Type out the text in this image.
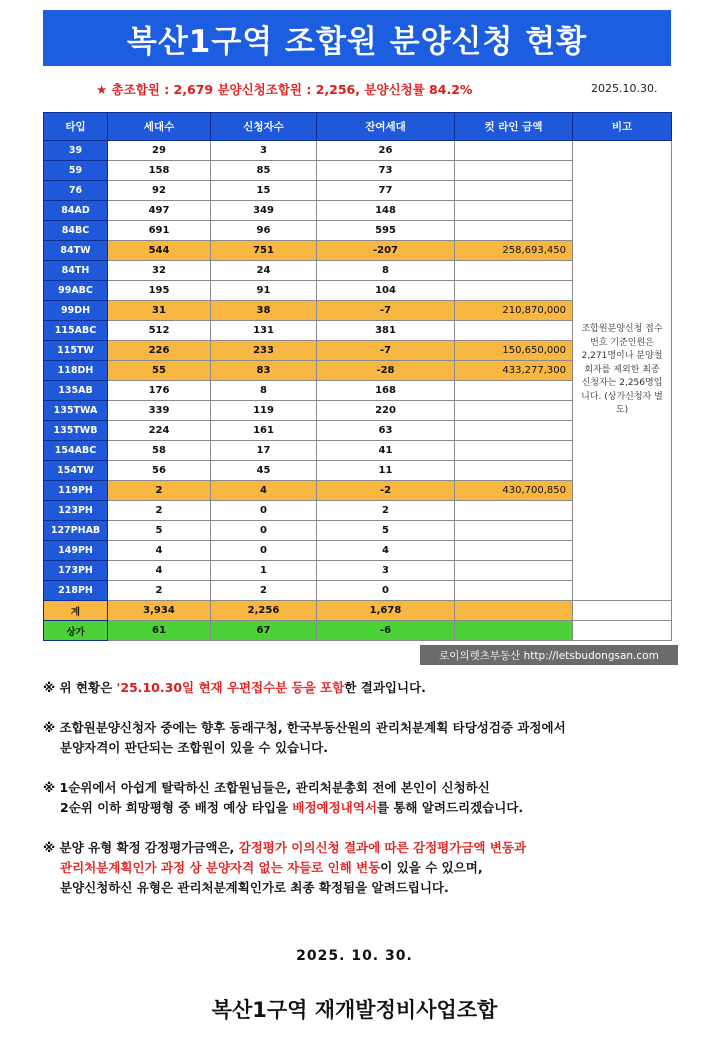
복산1구역 조합원 분양신청 현황
★ 총조합원 : 2,679 분양신청조합원 : 2,256, 분양신청률 84.2%	2025.10.30.
타입	세대수	신청자수	잔여세대	컷 라인 금액	비고
39	29	3	26		조합원분양신청 접수번호 기준인원은 2,271명이나 분양철회자를 제외한 최종 신청자는 2,256명입니다. (상가신청자 별도)
59	158	85	73		
76	92	15	77		
84AD	497	349	148		
84BC	691	96	595		
84TW	544	751	-207	258,693,450	
84TH	32	24	8		
99ABC	195	91	104		
99DH	31	38	-7	210,870,000	
115ABC	512	131	381		
115TW	226	233	-7	150,650,000	
118DH	55	83	-28	433,277,300	
135AB	176	8	168		
135TWA	339	119	220		
135TWB	224	161	63		
154ABC	58	17	41		
154TW	56	45	11		
119PH	2	4	-2	430,700,850	
123PH	2	0	2		
127PHAB	5	0	5		
149PH	4	0	4		
173PH	4	1	3		
218PH	2	2	0		
계	3,934	2,256	1,678		
상가	61	67	-6		
로이의렛츠부동산 http://letsbudongsan.com

※ 위 현황은 '25.10.30일 현재 우편접수분 등을 포함한 결과입니다.

※ 조합원분양신청자 중에는 향후 동래구청, 한국부동산원의 관리처분계획 타당성검증 과정에서
분양자격이 판단되는 조합원이 있을 수 있습니다.

※ 1순위에서 아쉽게 탈락하신 조합원님들은, 관리처분총회 전에 본인이 신청하신
2순위 이하 희망평형 중 배정 예상 타입을 배정예정내역서를 통해 알려드리겠습니다.

※ 분양 유형 확정 감정평가금액은, 감정평가 이의신청 결과에 따른 감정평가금액 변동과
관리처분계획인가 과정 상 분양자격 없는 자들로 인해 변동이 있을 수 있으며,
분양신청하신 유형은 관리처분계획인가로 최종 확정됨을 알려드립니다.

2025. 10. 30.
복산1구역 재개발정비사업조합
